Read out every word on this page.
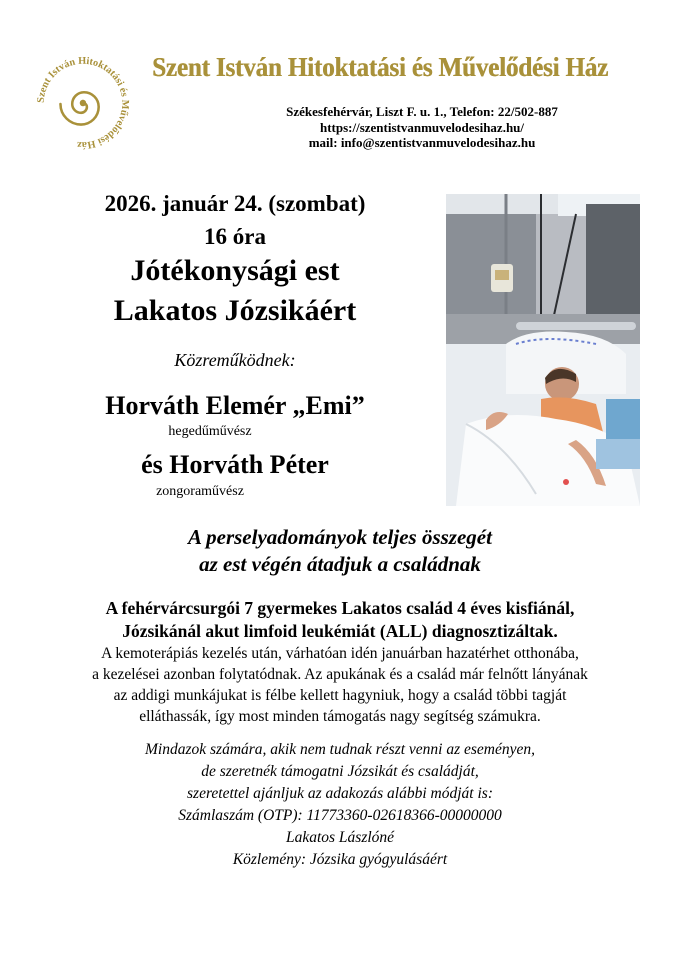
Szent István Hitoktatási és Művelődési Ház
Szent István Hitoktatási és Művelődési Ház
Székesfehérvár, Liszt F. u. 1., Telefon: 22/502-887
https://szentistvanmuvelodesihaz.hu/
mail: info@szentistvanmuvelodesihaz.hu
2026. január 24. (szombat)
16 óra
Jótékonysági est
Lakatos Józsikáért
Közreműködnek:
Horváth Elemér „Emi”
hegedűművész
és Horváth Péter
zongoraművész
A perselyadományok teljes összegét
az est végén átadjuk a családnak
A fehérvárcsurgói 7 gyermekes Lakatos család 4 éves kisfiánál,
Józsikánál akut limfoid leukémiát (ALL) diagnosztizáltak.
A kemoterápiás kezelés után, várhatóan idén januárban hazatérhet otthonába,
a kezelései azonban folytatódnak. Az apukának és a család már felnőtt lányának
az addigi munkájukat is félbe kellett hagyniuk, hogy a család többi tagját
elláthassák, így most minden támogatás nagy segítség számukra.
Mindazok számára, akik nem tudnak részt venni az eseményen,
de szeretnék támogatni Józsikát és családját,
szeretettel ajánljuk az adakozás alábbi módját is:
Számlaszám (OTP): 11773360-02618366-00000000
Lakatos Lászlóné
Közlemény: Józsika gyógyulásáért
